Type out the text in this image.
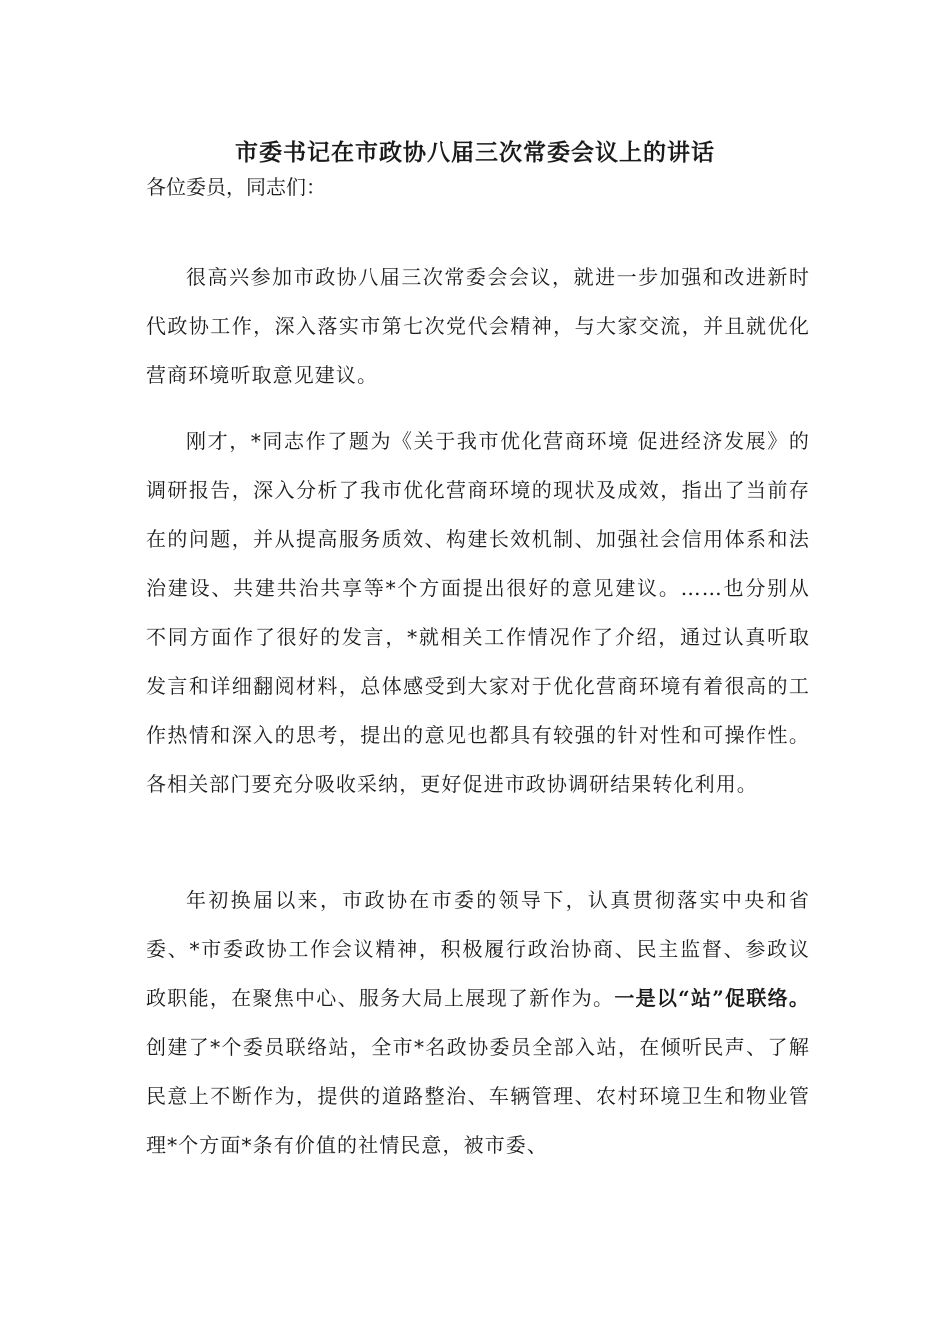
市委书记在市政协八届三次常委会议上的讲话

各位委员，同志们：

很高兴参加市政协八届三次常委会会议，就进一步加强和改进新时代政协工作，深入落实市第七次党代会精神，与大家交流，并且就优化营商环境听取意见建议。

刚才，*同志作了题为《关于我市优化营商环境 促进经济发展》的调研报告，深入分析了我市优化营商环境的现状及成效，指出了当前存在的问题，并从提高服务质效、构建长效机制、加强社会信用体系和法治建设、共建共治共享等*个方面提出很好的意见建议。……也分别从不同方面作了很好的发言，*就相关工作情况作了介绍，通过认真听取发言和详细翻阅材料，总体感受到大家对于优化营商环境有着很高的工作热情和深入的思考，提出的意见也都具有较强的针对性和可操作性。各相关部门要充分吸收采纳，更好促进市政协调研结果转化利用。

年初换届以来，市政协在市委的领导下，认真贯彻落实中央和省委、*市委政协工作会议精神，积极履行政治协商、民主监督、参政议政职能，在聚焦中心、服务大局上展现了新作为。一是以“站”促联络。创建了*个委员联络站，全市*名政协委员全部入站，在倾听民声、了解民意上不断作为，提供的道路整治、车辆管理、农村环境卫生和物业管理*个方面*条有价值的社情民意，被市委、
